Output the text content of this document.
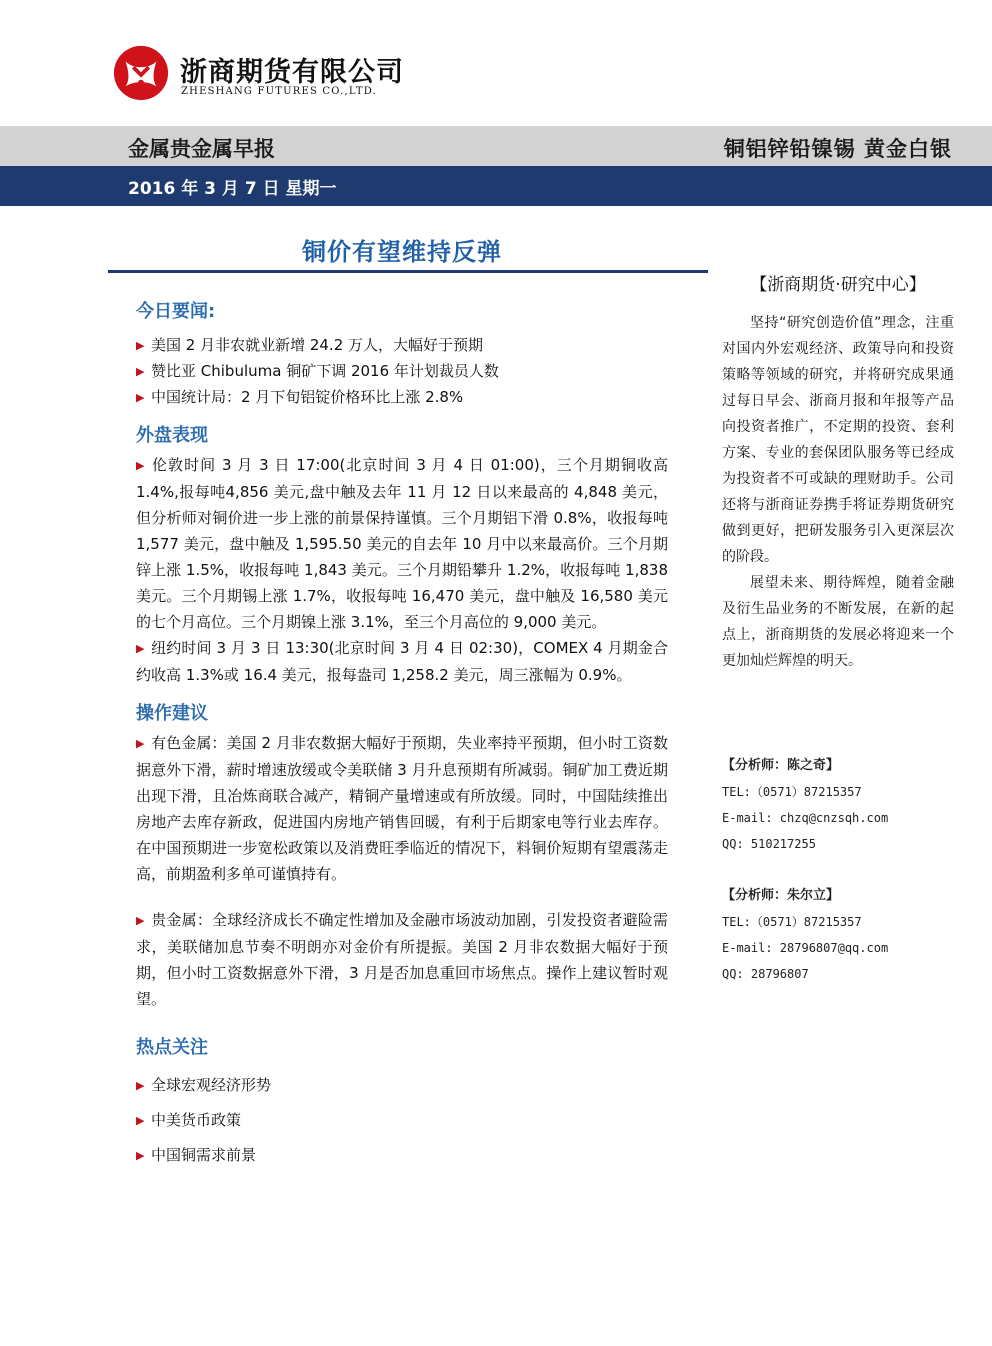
浙商期货有限公司
ZHESHANG FUTURES CO.,LTD.
金属贵金属早报	铜铝锌铅镍锡 黄金白银
2016 年 3 月 7 日 星期一
铜价有望维持反弹
今日要闻:
▶ 美国 2 月非农就业新增 24.2 万人，大幅好于预期
▶ 赞比亚 Chibuluma 铜矿下调 2016 年计划裁员人数
▶ 中国统计局：2 月下旬铝锭价格环比上涨 2.8%
外盘表现

▶ 伦敦时间 3 月 3 日 17:00(北京时间 3 月 4 日 01:00)，三个月期铜收高 1.4%,报每吨4,856 美元,盘中触及去年 11 月 12 日以来最高的 4,848 美元，但分析师对铜价进一步上涨的前景保持谨慎。三个月期铝下滑 0.8%，收报每吨 1,577 美元，盘中触及 1,595.50 美元的自去年 10 月中以来最高价。三个月期锌上涨 1.5%，收报每吨 1,843 美元。三个月期铅攀升 1.2%，收报每吨 1,838 美元。三个月期锡上涨 1.7%，收报每吨 16,470 美元，盘中触及 16,580 美元的七个月高位。三个月期镍上涨 3.1%，至三个月高位的 9,000 美元。

▶ 纽约时间 3 月 3 日 13:30(北京时间 3 月 4 日 02:30)，COMEX 4 月期金合约收高 1.3%或 16.4 美元，报每盎司 1,258.2 美元，周三涨幅为 0.9%。

操作建议

▶ 有色金属：美国 2 月非农数据大幅好于预期，失业率持平预期，但小时工资数据意外下滑，薪时增速放缓或令美联储 3 月升息预期有所减弱。铜矿加工费近期出现下滑，且冶炼商联合减产，精铜产量增速或有所放缓。同时，中国陆续推出房地产去库存新政，促进国内房地产销售回暖，有利于后期家电等行业去库存。在中国预期进一步宽松政策以及消费旺季临近的情况下，料铜价短期有望震荡走高，前期盈利多单可谨慎持有。

▶ 贵金属：全球经济成长不确定性增加及金融市场波动加剧，引发投资者避险需求，美联储加息节奏不明朗亦对金价有所提振。美国 2 月非农数据大幅好于预期，但小时工资数据意外下滑，3 月是否加息重回市场焦点。操作上建议暂时观望。

热点关注
▶ 全球宏观经济形势
▶ 中美货币政策
▶ 中国铜需求前景
【浙商期货·研究中心】

坚持“研究创造价值”理念，注重对国内外宏观经济、政策导向和投资策略等领域的研究，并将研究成果通过每日早会、浙商月报和年报等产品向投资者推广，不定期的投资、套利方案、专业的套保团队服务等已经成为投资者不可或缺的理财助手。公司还将与浙商证券携手将证券期货研究做到更好，把研发服务引入更深层次的阶段。

展望未来、期待辉煌，随着金融及衍生品业务的不断发展，在新的起点上，浙商期货的发展必将迎来一个更加灿烂辉煌的明天。

【分析师：陈之奇】
TEL:（0571）87215357
E-mail: chzq@cnzsqh.com
QQ: 510217255
【分析师：朱尔立】
TEL:（0571）87215357
E-mail: 28796807@qq.com
QQ: 28796807
